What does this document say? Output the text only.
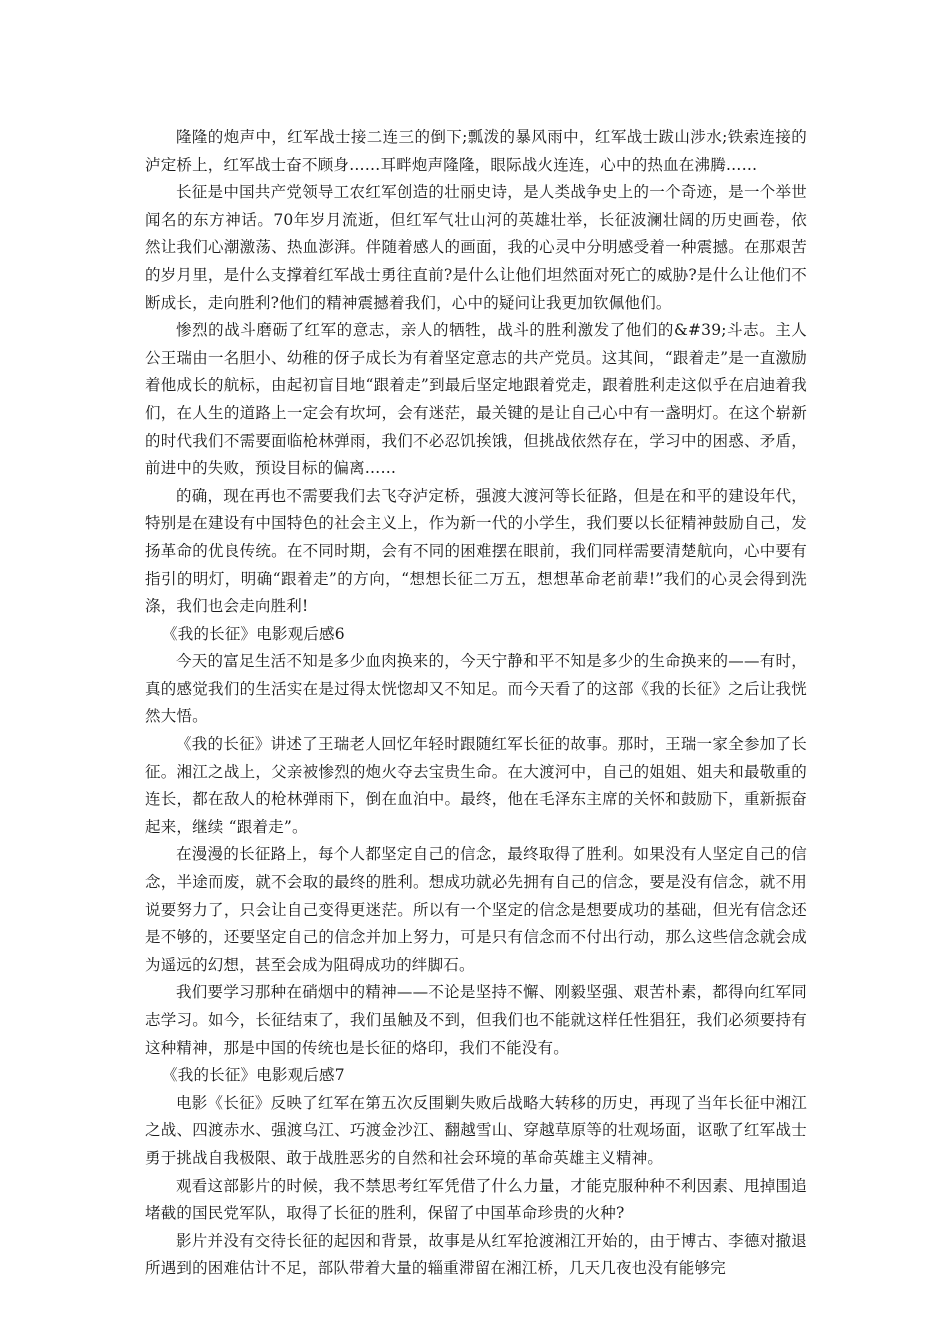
隆隆的炮声中，红军战士接二连三的倒下;瓢泼的暴风雨中，红军战士跋山涉水;铁索连接的泸定桥上，红军战士奋不顾身……耳畔炮声隆隆，眼际战火连连，心中的热血在沸腾……

长征是中国共产党领导工农红军创造的壮丽史诗，是人类战争史上的一个奇迹，是一个举世闻名的东方神话。70年岁月流逝，但红军气壮山河的英雄壮举，长征波澜壮阔的历史画卷，依然让我们心潮激荡、热血澎湃。伴随着感人的画面，我的心灵中分明感受着一种震撼。在那艰苦的岁月里，是什么支撑着红军战士勇往直前?是什么让他们坦然面对死亡的威胁?是什么让他们不断成长，走向胜利?他们的精神震撼着我们，心中的疑问让我更加钦佩他们。

惨烈的战斗磨砺了红军的意志，亲人的牺牲，战斗的胜利激发了他们的&#39;斗志。主人公王瑞由一名胆小、幼稚的伢子成长为有着坚定意志的共产党员。这其间，“跟着走”是一直激励着他成长的航标，由起初盲目地“跟着走”到最后坚定地跟着党走，跟着胜利走这似乎在启迪着我们，在人生的道路上一定会有坎坷，会有迷茫，最关键的是让自己心中有一盏明灯。在这个崭新的时代我们不需要面临枪林弹雨，我们不必忍饥挨饿，但挑战依然存在，学习中的困惑、矛盾，前进中的失败，预设目标的偏离……

的确，现在再也不需要我们去飞夺泸定桥，强渡大渡河等长征路，但是在和平的建设年代，特别是在建设有中国特色的社会主义上，作为新一代的小学生，我们要以长征精神鼓励自己，发扬革命的优良传统。在不同时期，会有不同的困难摆在眼前，我们同样需要清楚航向，心中要有指引的明灯，明确“跟着走”的方向，“想想长征二万五，想想革命老前辈!”我们的心灵会得到洗涤，我们也会走向胜利!

《我的长征》电影观后感6

今天的富足生活不知是多少血肉换来的，今天宁静和平不知是多少的生命换来的——有时，真的感觉我们的生活实在是过得太恍惚却又不知足。而今天看了的这部《我的长征》之后让我恍然大悟。

《我的长征》讲述了王瑞老人回忆年轻时跟随红军长征的故事。那时，王瑞一家全参加了长征。湘江之战上，父亲被惨烈的炮火夺去宝贵生命。在大渡河中，自己的姐姐、姐夫和最敬重的连长，都在敌人的枪林弹雨下，倒在血泊中。最终，他在毛泽东主席的关怀和鼓励下，重新振奋起来，继续 “跟着走”。

在漫漫的长征路上，每个人都坚定自己的信念，最终取得了胜利。如果没有人坚定自己的信念，半途而废，就不会取的最终的胜利。想成功就必先拥有自己的信念，要是没有信念，就不用说要努力了，只会让自己变得更迷茫。所以有一个坚定的信念是想要成功的基础，但光有信念还是不够的，还要坚定自己的信念并加上努力，可是只有信念而不付出行动，那么这些信念就会成为遥远的幻想，甚至会成为阻碍成功的绊脚石。

我们要学习那种在硝烟中的精神——不论是坚持不懈、刚毅坚强、艰苦朴素，都得向红军同志学习。如今，长征结束了，我们虽触及不到，但我们也不能就这样任性猖狂，我们必须要持有这种精神，那是中国的传统也是长征的烙印，我们不能没有。

《我的长征》电影观后感7

电影《长征》反映了红军在第五次反围剿失败后战略大转移的历史，再现了当年长征中湘江之战、四渡赤水、强渡乌江、巧渡金沙江、翻越雪山、穿越草原等的壮观场面，讴歌了红军战士勇于挑战自我极限、敢于战胜恶劣的自然和社会环境的革命英雄主义精神。

观看这部影片的时候，我不禁思考红军凭借了什么力量，才能克服种种不利因素、甩掉围追堵截的国民党军队，取得了长征的胜利，保留了中国革命珍贵的火种?

影片并没有交待长征的起因和背景，故事是从红军抢渡湘江开始的，由于博古、李德对撤退所遇到的困难估计不足，部队带着大量的辎重滞留在湘江桥，几天几夜也没有能够完
